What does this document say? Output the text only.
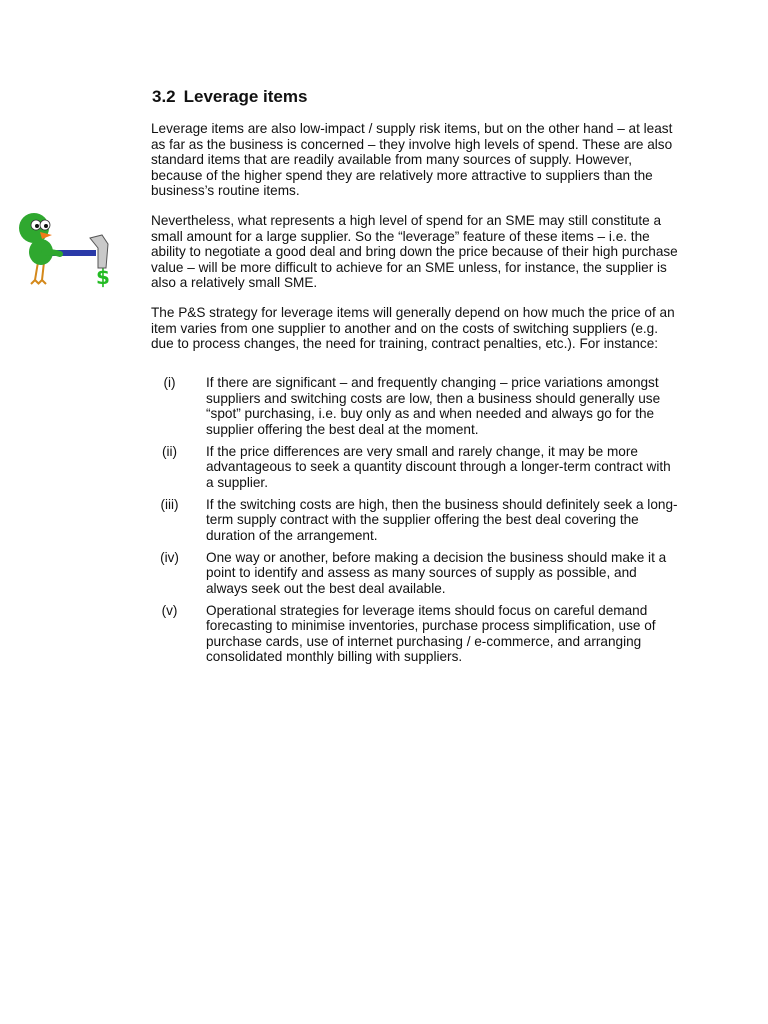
3.2 Leverage items

Leverage items are also low-impact / supply risk items, but on the other hand – at least as far as the business is concerned – they involve high levels of spend. These are also standard items that are readily available from many sources of supply. However, because of the higher spend they are relatively more attractive to suppliers than the business’s routine items.

Nevertheless, what represents a high level of spend for an SME may still constitute a small amount for a large supplier. So the “leverage” feature of these items – i.e. the ability to negotiate a good deal and bring down the price because of their high purchase value – will be more difficult to achieve for an SME unless, for instance, the supplier is also a relatively small SME.

The P&S strategy for leverage items will generally depend on how much the price of an item varies from one supplier to another and on the costs of switching suppliers (e.g. due to process changes, the need for training, contract penalties, etc.). For instance:

(i)	If there are significant – and frequently changing – price variations amongst suppliers and switching costs are low, then a business should generally use “spot” purchasing, i.e. buy only as and when needed and always go for the supplier offering the best deal at the moment.
(ii)	If the price differences are very small and rarely change, it may be more advantageous to seek a quantity discount through a longer-term contract with a supplier.
(iii)	If the switching costs are high, then the business should definitely seek a long-term supply contract with the supplier offering the best deal covering the duration of the arrangement.
(iv)	One way or another, before making a decision the business should make it a point to identify and assess as many sources of supply as possible, and always seek out the best deal available.
(v)	Operational strategies for leverage items should focus on careful demand forecasting to minimise inventories, purchase process simplification, use of purchase cards, use of internet purchasing / e-commerce, and arranging consolidated monthly billing with suppliers.
$
